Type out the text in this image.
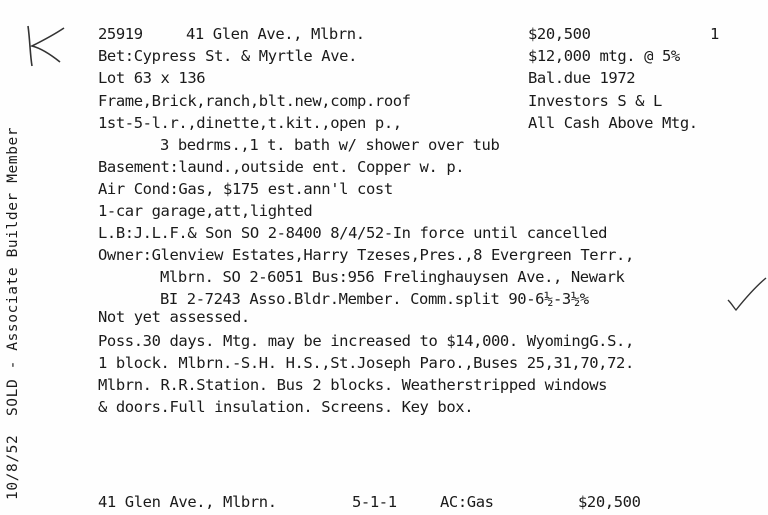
10/8/52  SOLD - Associate Builder Member
25919	41 Glen Ave., Mlbrn.	$20,500	1
Bet:Cypress St. & Myrtle Ave.	$12,000 mtg. @ 5%
Lot 63 x 136	Bal.due 1972
Frame,Brick,ranch,blt.new,comp.roof	Investors S & L
1st-5-l.r.,dinette,t.kit.,open p.,	All Cash Above Mtg.
3 bedrms.,1 t. bath w/ shower over tub
Basement:laund.,outside ent. Copper w. p.
Air Cond:Gas, $175 est.ann'l cost
1-car garage,att,lighted
L.B:J.L.F.& Son SO 2-8400 8/4/52-In force until cancelled
Owner:Glenview Estates,Harry Tzeses,Pres.,8 Evergreen Terr.,
Mlbrn. SO 2-6051 Bus:956 Frelinghauysen Ave., Newark
BI 2-7243 Asso.Bldr.Member. Comm.split 90-6½-3½%
Not yet assessed.
Poss.30 days. Mtg. may be increased to $14,000. WyomingG.S.,
1 block. Mlbrn.-S.H. H.S.,St.Joseph Paro.,Buses 25,31,70,72.
Mlbrn. R.R.Station. Bus 2 blocks. Weatherstripped windows
& doors.Full insulation. Screens. Key box.
41 Glen Ave., Mlbrn.	5-1-1	AC:Gas	$20,500
